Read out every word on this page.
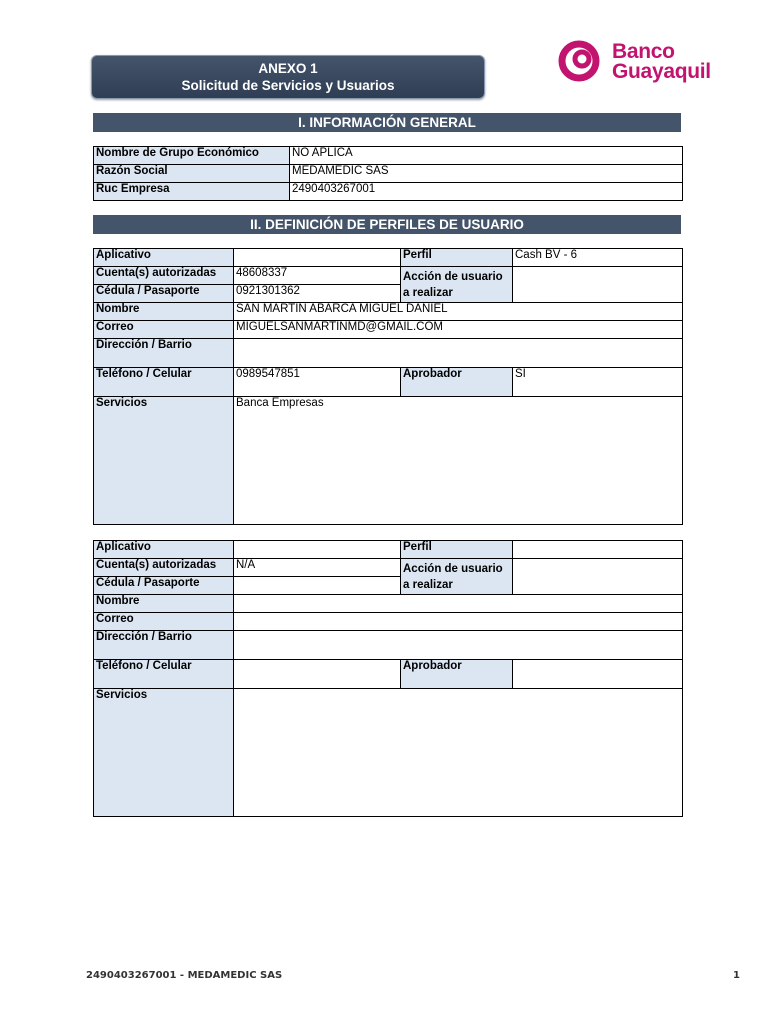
ANEXO 1
Solicitud de Servicios y Usuarios
Banco
Guayaquil
I. INFORMACIÓN GENERAL
Nombre de Grupo Económico	NO APLICA
Razón Social	MEDAMEDIC SAS
Ruc Empresa	2490403267001
II. DEFINICIÓN DE PERFILES DE USUARIO
Aplicativo		Perfil	Cash BV - 6
Cuenta(s) autorizadas	48608337	Acción de usuario
a realizar	

Cédula / Pasaporte	0921301362		
Nombre	SAN MARTIN ABARCA MIGUEL DANIEL		
Correo	MIGUELSANMARTINMD@GMAIL.COM		
Dirección / Barrio			
Teléfono / Celular	0989547851	Aprobador	SI
Servicios	Banca Empresas		
Aplicativo		Perfil	
Cuenta(s) autorizadas	N/A	Acción de usuario
a realizar	

Cédula / Pasaporte			
Nombre			
Correo			
Dirección / Barrio			
Teléfono / Celular		Aprobador	
Servicios			
2490403267001 - MEDAMEDIC SAS	1
